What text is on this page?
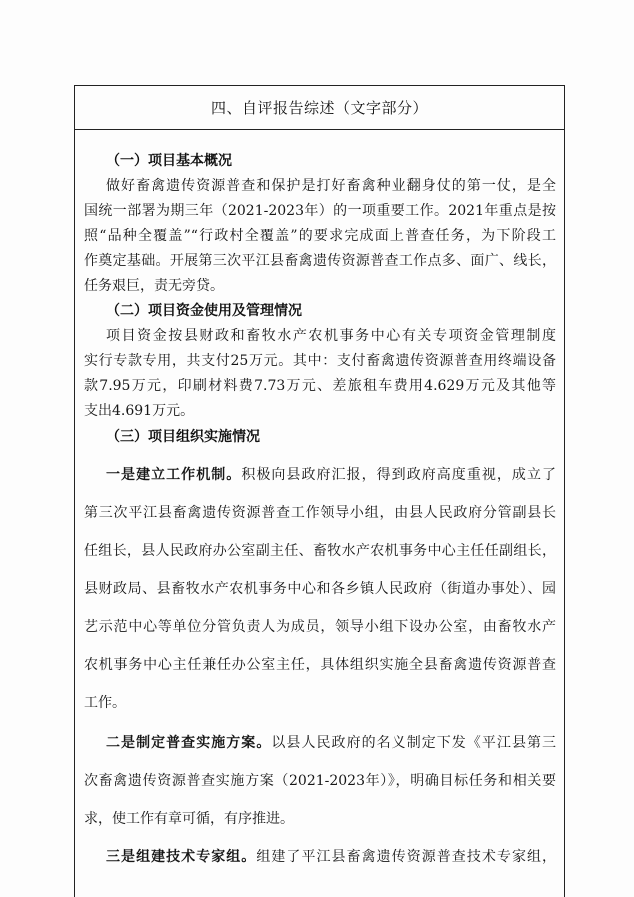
四、自评报告综述（文字部分）
（一）项目基本概况
做好畜禽遗传资源普查和保护是打好畜禽种业翻身仗的第一仗，是全
国统一部署为期三年（2021-2023年）的一项重要工作。2021年重点是按
照“品种全覆盖”“行政村全覆盖”的要求完成面上普查任务，为下阶段工
作奠定基础。开展第三次平江县畜禽遗传资源普查工作点多、面广、线长，
任务艰巨，责无旁贷。
（二）项目资金使用及管理情况
项目资金按县财政和畜牧水产农机事务中心有关专项资金管理制度
实行专款专用，共支付25万元。其中：支付畜禽遗传资源普查用终端设备
款7.95万元，印刷材料费7.73万元、差旅租车费用4.629万元及其他等
支出4.691万元。
（三）项目组织实施情况
一是建立工作机制。积极向县政府汇报，得到政府高度重视，成立了
第三次平江县畜禽遗传资源普查工作领导小组，由县人民政府分管副县长
任组长，县人民政府办公室副主任、畜牧水产农机事务中心主任任副组长，
县财政局、县畜牧水产农机事务中心和各乡镇人民政府（街道办事处）、园
艺示范中心等单位分管负责人为成员，领导小组下设办公室，由畜牧水产
农机事务中心主任兼任办公室主任，具体组织实施全县畜禽遗传资源普查
工作。
二是制定普查实施方案。以县人民政府的名义制定下发《平江县第三
次畜禽遗传资源普查实施方案（2021-2023年）》，明确目标任务和相关要
求，使工作有章可循，有序推进。
三是组建技术专家组。组建了平江县畜禽遗传资源普查技术专家组，
